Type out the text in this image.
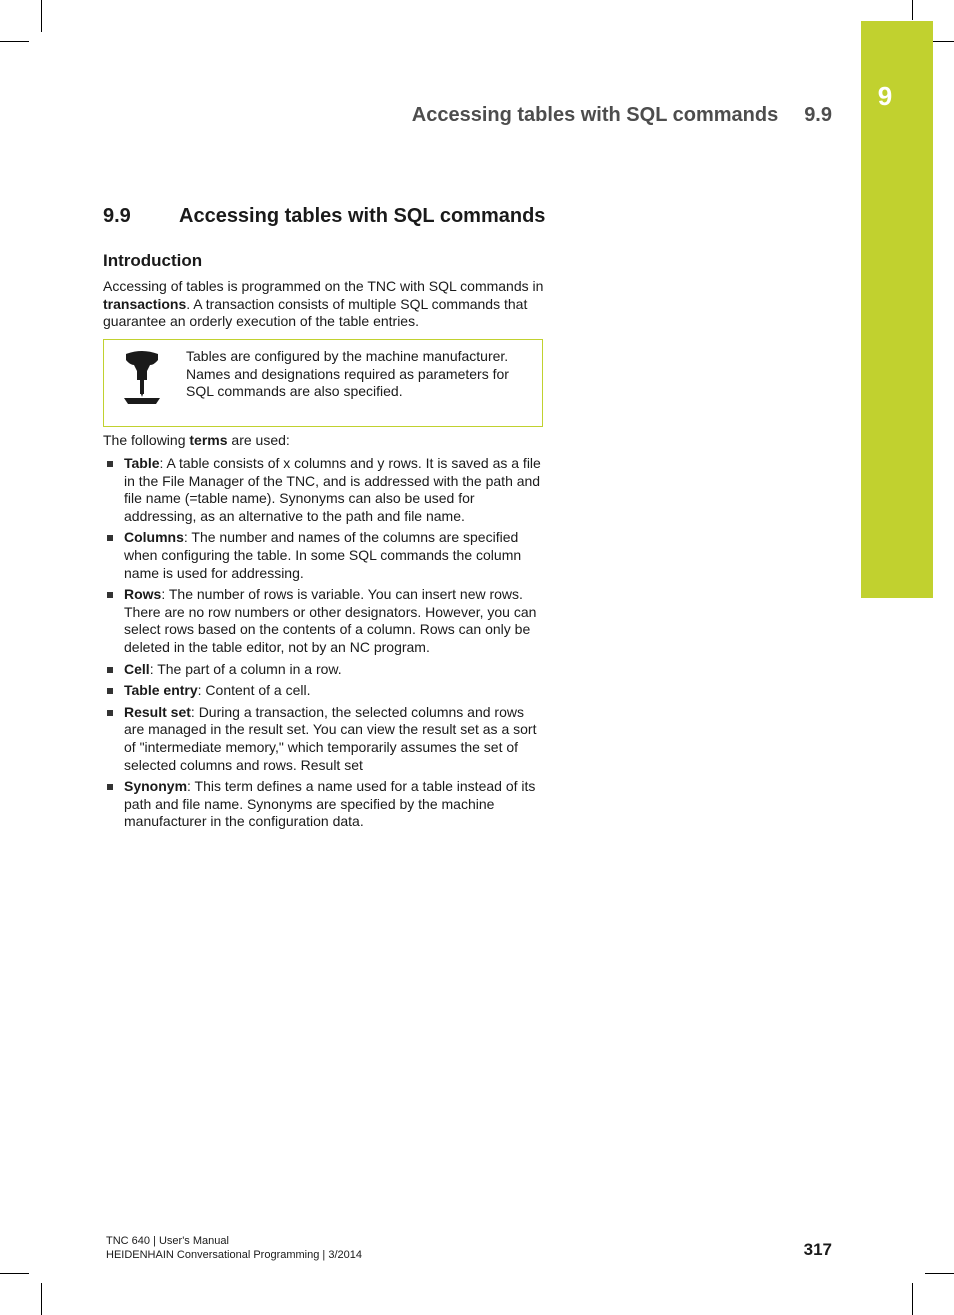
9
Accessing tables with SQL commands 9.9
9.9 Accessing tables with SQL commands
Introduction

Accessing of tables is programmed on the TNC with SQL commands in transactions. A transaction consists of multiple SQL commands that guarantee an orderly execution of the table entries.

Tables are configured by the machine manufacturer. Names and designations required as parameters for SQL commands are also specified.

The following terms are used:

Table: A table consists of x columns and y rows. It is saved as a file in the File Manager of the TNC, and is addressed with the path and file name (=table name). Synonyms can also be used for addressing, as an alternative to the path and file name.
Columns: The number and names of the columns are specified when configuring the table. In some SQL commands the column name is used for addressing.
Rows: The number of rows is variable. You can insert new rows. There are no row numbers or other designators. However, you can select rows based on the contents of a column. Rows can only be deleted in the table editor, not by an NC program.
Cell: The part of a column in a row.
Table entry: Content of a cell.
Result set: During a transaction, the selected columns and rows are managed in the result set. You can view the result set as a sort of "intermediate memory," which temporarily assumes the set of selected columns and rows. Result set
Synonym: This term defines a name used for a table instead of its path and file name. Synonyms are specified by the machine manufacturer in the configuration data.
TNC 640 | User's Manual
HEIDENHAIN Conversational Programming | 3/2014	317
